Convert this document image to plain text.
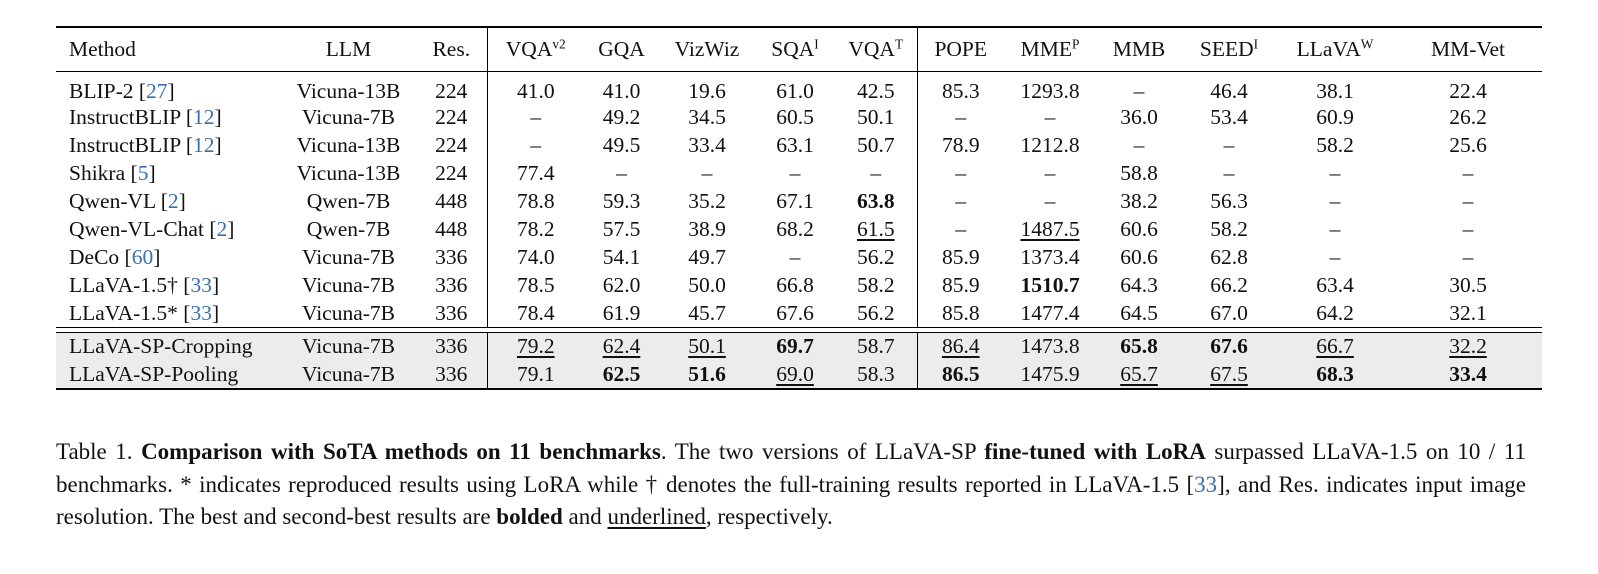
Method	LLM	Res.	$VQA^{v2}$	GQA	VizWiz	$SQA^I$	$VQA^T$	POPE	$MME^P$	MMB	$SEED^I$	LLaVA$^W$	MM-Vet
BLIP-2 [27]	Vicuna-13B	224	41.0	41.0	19.6	61.0	42.5	85.3	1293.8	–	46.4	38.1	22.4
InstructBLIP [12]	Vicuna-7B	224	–	49.2	34.5	60.5	50.1	–	–	36.0	53.4	60.9	26.2
InstructBLIP [12]	Vicuna-13B	224	–	49.5	33.4	63.1	50.7	78.9	1212.8	–	–	58.2	25.6
Shikra [5]	Vicuna-13B	224	77.4	–	–	–	–	–	–	58.8	–	–	–
Qwen-VL [2]	Qwen-7B	448	78.8	59.3	35.2	67.1	63.8	–	–	38.2	56.3	–	–
Qwen-VL-Chat [2]	Qwen-7B	448	78.2	57.5	38.9	68.2	61.5	–	1487.5	60.6	58.2	–	–
DeCo [60]	Vicuna-7B	336	74.0	54.1	49.7	–	56.2	85.9	1373.4	60.6	62.8	–	–
LLaVA-1.5† [33]	Vicuna-7B	336	78.5	62.0	50.0	66.8	58.2	85.9	1510.7	64.3	66.2	63.4	30.5
LLaVA-1.5* [33]	Vicuna-7B	336	78.4	61.9	45.7	67.6	56.2	85.8	1477.4	64.5	67.0	64.2	32.1

LLaVA-SP-Cropping	Vicuna-7B	336	79.2	62.4	50.1	69.7	58.7	86.4	1473.8	65.8	67.6	66.7	32.2
LLaVA-SP-Pooling	Vicuna-7B	336	79.1	62.5	51.6	69.0	58.3	86.5	1475.9	65.7	67.5	68.3	33.4
Table 1. Comparison with SoTA methods on 11 benchmarks. The two versions of LLaVA-SP fine-tuned with LoRA surpassed LLaVA-1.5 on 10 / 11 benchmarks. * indicates reproduced results using LoRA while † denotes the full-training results reported in LLaVA-1.5 [33], and Res. indicates input image resolution. The best and second-best results are bolded and underlined, respectively.
